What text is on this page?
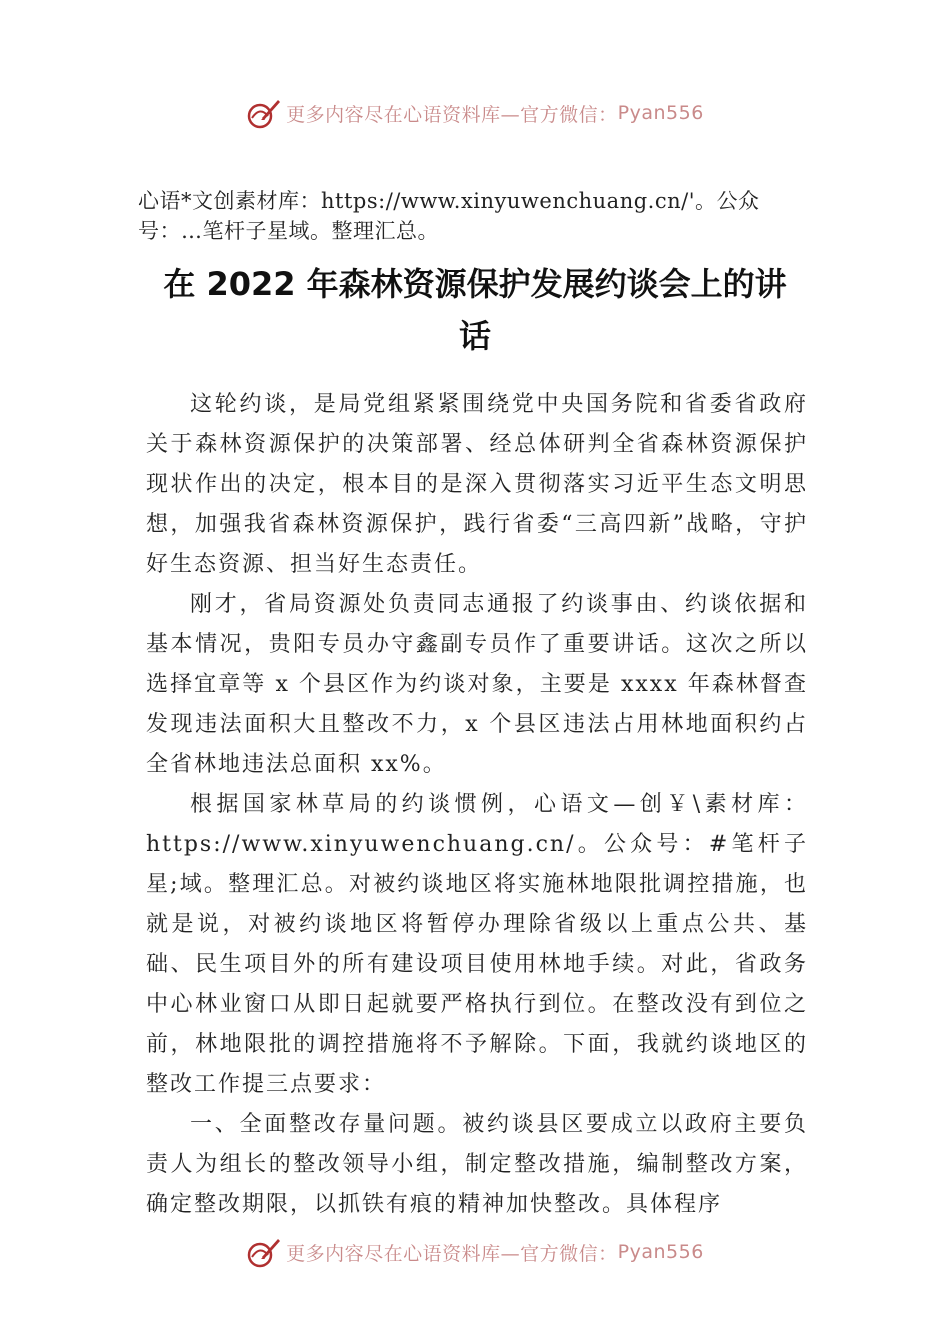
更多内容尽在心语资料库—官方微信： Pyan556
心语*文创素材库：https://www.xinyuwenchuang.cn/'。公众
号：…笔杆子星域。整理汇总。
在 2022 年森林资源保护发展约谈会上的讲
话

这轮约谈，是局党组紧紧围绕党中央国务院和省委省政府关于森林资源保护的决策部署、经总体研判全省森林资源保护现状作出的决定，根本目的是深入贯彻落实习近平生态文明思想，加强我省森林资源保护，践行省委“三高四新”战略，守护好生态资源、担当好生态责任。

刚才，省局资源处负责同志通报了约谈事由、约谈依据和基本情况，贵阳专员办守鑫副专员作了重要讲话。这次之所以选择宜章等 x 个县区作为约谈对象，主要是 xxxx 年森林督查发现违法面积大且整改不力，x 个县区违法占用林地面积约占全省林地违法总面积 xx%。

根据国家林草局的约谈惯例，心语文—创￥\素材库：https://www.xinyuwenchuang.cn/。公众号：#笔杆子星;域。整理汇总。对被约谈地区将实施林地限批调控措施，也就是说，对被约谈地区将暂停办理除省级以上重点公共、基础、民生项目外的所有建设项目使用林地手续。对此，省政务中心林业窗口从即日起就要严格执行到位。在整改没有到位之前，林地限批的调控措施将不予解除。下面，我就约谈地区的整改工作提三点要求：

一、全面整改存量问题。被约谈县区要成立以政府主要负责人为组长的整改领导小组，制定整改措施，编制整改方案，确定整改期限，以抓铁有痕的精神加快整改。具体程序

更多内容尽在心语资料库—官方微信： Pyan556
